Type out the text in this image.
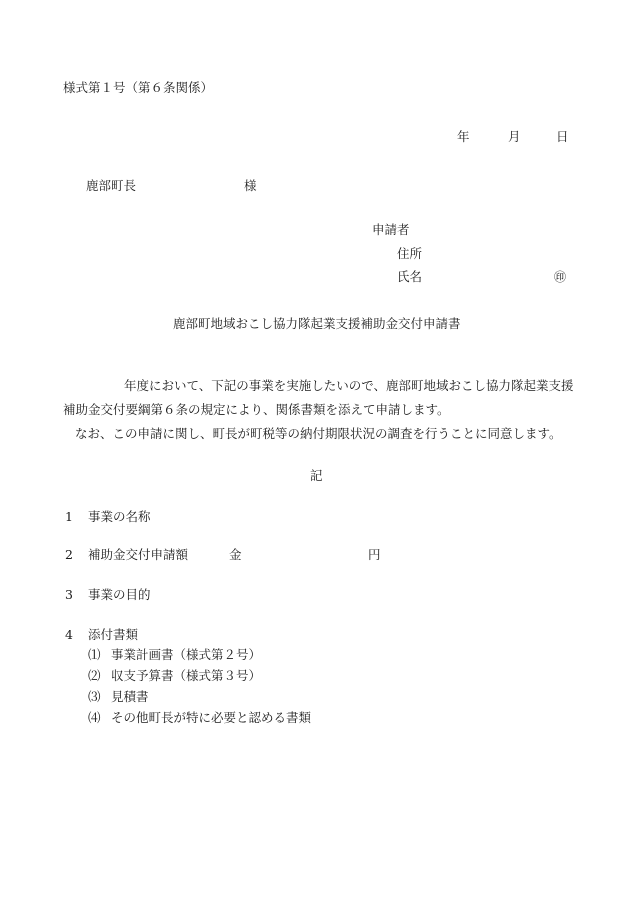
様式第１号（第６条関係）
年	月	日
鹿部町長	様
申請者
住所
氏名	㊞
鹿部町地域おこし協力隊起業支援補助金交付申請書
年度において、下記の事業を実施したいので、鹿部町地域おこし協力隊起業支援
補助金交付要綱第６条の規定により、関係書類を添えて申請します。
なお、この申請に関し、町長が町税等の納付期限状況の調査を行うことに同意します。
記
1 事業の名称
2 補助金交付申請額	金	円
3 事業の目的
4 添付書類
⑴ 事業計画書（様式第２号）
⑵ 収支予算書（様式第３号）
⑶ 見積書
⑷ その他町長が特に必要と認める書類
